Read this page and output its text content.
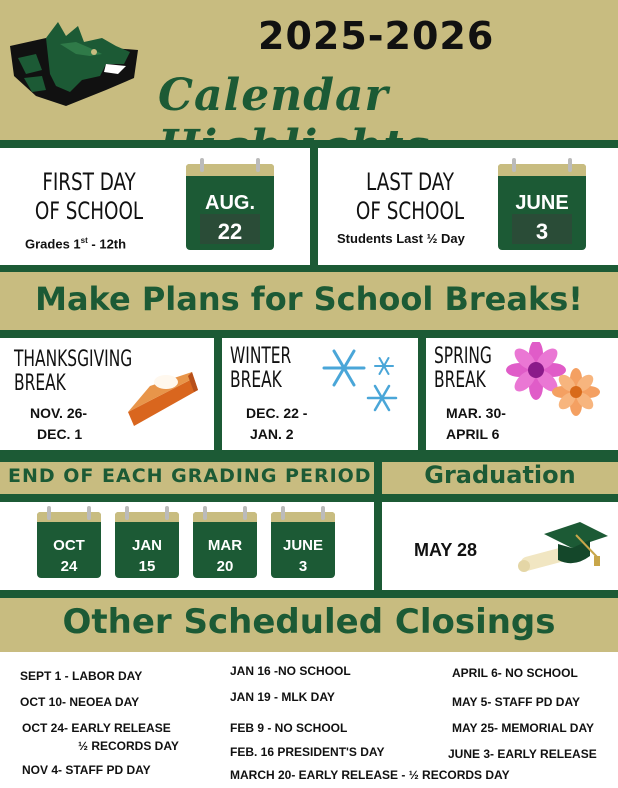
2025-2026
Calendar
FIRST DAY
OF SCHOOL
Grades 1st - 12th
AUG.
22
LAST DAY
OF SCHOOL
Students Last ½ Day
JUNE
3
Make Plans for School Breaks!
THANKSGIVING
BREAK
NOV. 26-
DEC. 1
WINTER
BREAK
DEC. 22 -
JAN. 2
SPRING
BREAK
MAR. 30-
APRIL 6
END OF EACH GRADING PERIOD	Graduation
OCT
24
JAN
15
MAR
20
JUNE
3
MAY 28
Other Scheduled Closings
SEPT 1 - LABOR DAY
OCT 10- NEOEA DAY
OCT 24- EARLY RELEASE
½ RECORDS DAY
NOV 4- STAFF PD DAY
JAN 16 -NO SCHOOL
JAN 19 - MLK DAY
FEB 9 - NO SCHOOL
FEB. 16 PRESIDENT'S DAY
MARCH 20- EARLY RELEASE - ½ RECORDS DAY
APRIL 6- NO SCHOOL
MAY 5- STAFF PD DAY
MAY 25- MEMORIAL DAY
JUNE 3- EARLY RELEASE
